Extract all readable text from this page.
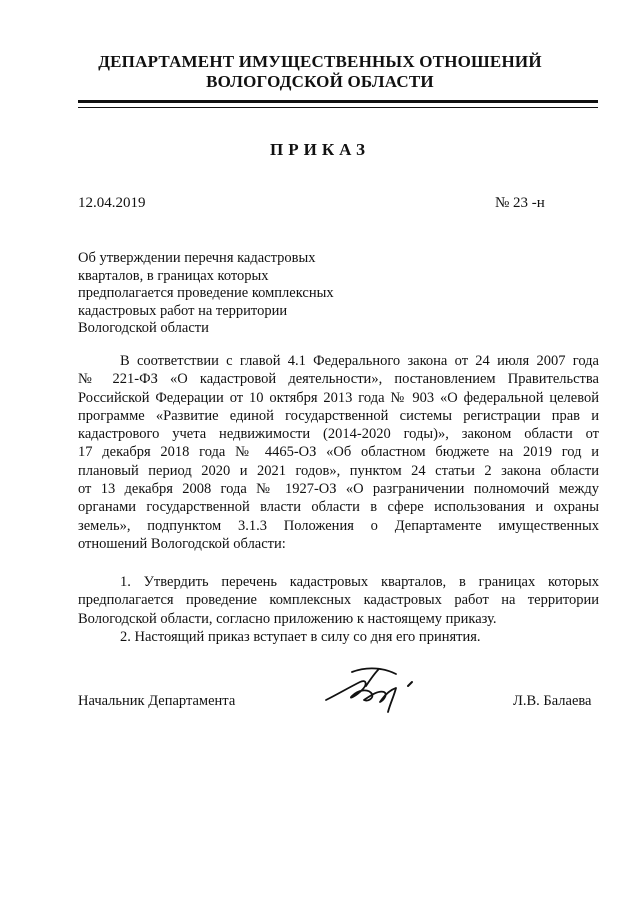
ДЕПАРТАМЕНТ ИМУЩЕСТВЕННЫХ ОТНОШЕНИЙ
ВОЛОГОДСКОЙ ОБЛАСТИ
ПРИКАЗ
12.04.2019	№ 23 -н
Об утверждении перечня кадастровых
кварталов, в границах которых
предполагается проведение комплексных
кадастровых работ на территории
Вологодской области
В соответствии с главой 4.1 Федерального закона от 24 июля 2007 года
№ 221-ФЗ «О кадастровой деятельности», постановлением Правительства
Российской Федерации от 10 октября 2013 года № 903 «О федеральной целевой
программе «Развитие единой государственной системы регистрации прав и
кадастрового учета недвижимости (2014-2020 годы)», законом области от
17 декабря 2018 года № 4465-ОЗ «Об областном бюджете на 2019 год и
плановый период 2020 и 2021 годов», пунктом 24 статьи 2 закона области
от 13 декабря 2008 года № 1927-ОЗ «О разграничении полномочий между
органами государственной власти области в сфере использования и охраны
земель», подпунктом 3.1.3 Положения о Департаменте имущественных
отношений Вологодской области:
1. Утвердить перечень кадастровых кварталов, в границах которых
предполагается проведение комплексных кадастровых работ на территории
Вологодской области, согласно приложению к настоящему приказу.
2. Настоящий приказ вступает в силу со дня его принятия.
Начальник Департамента	Л.В. Балаева
